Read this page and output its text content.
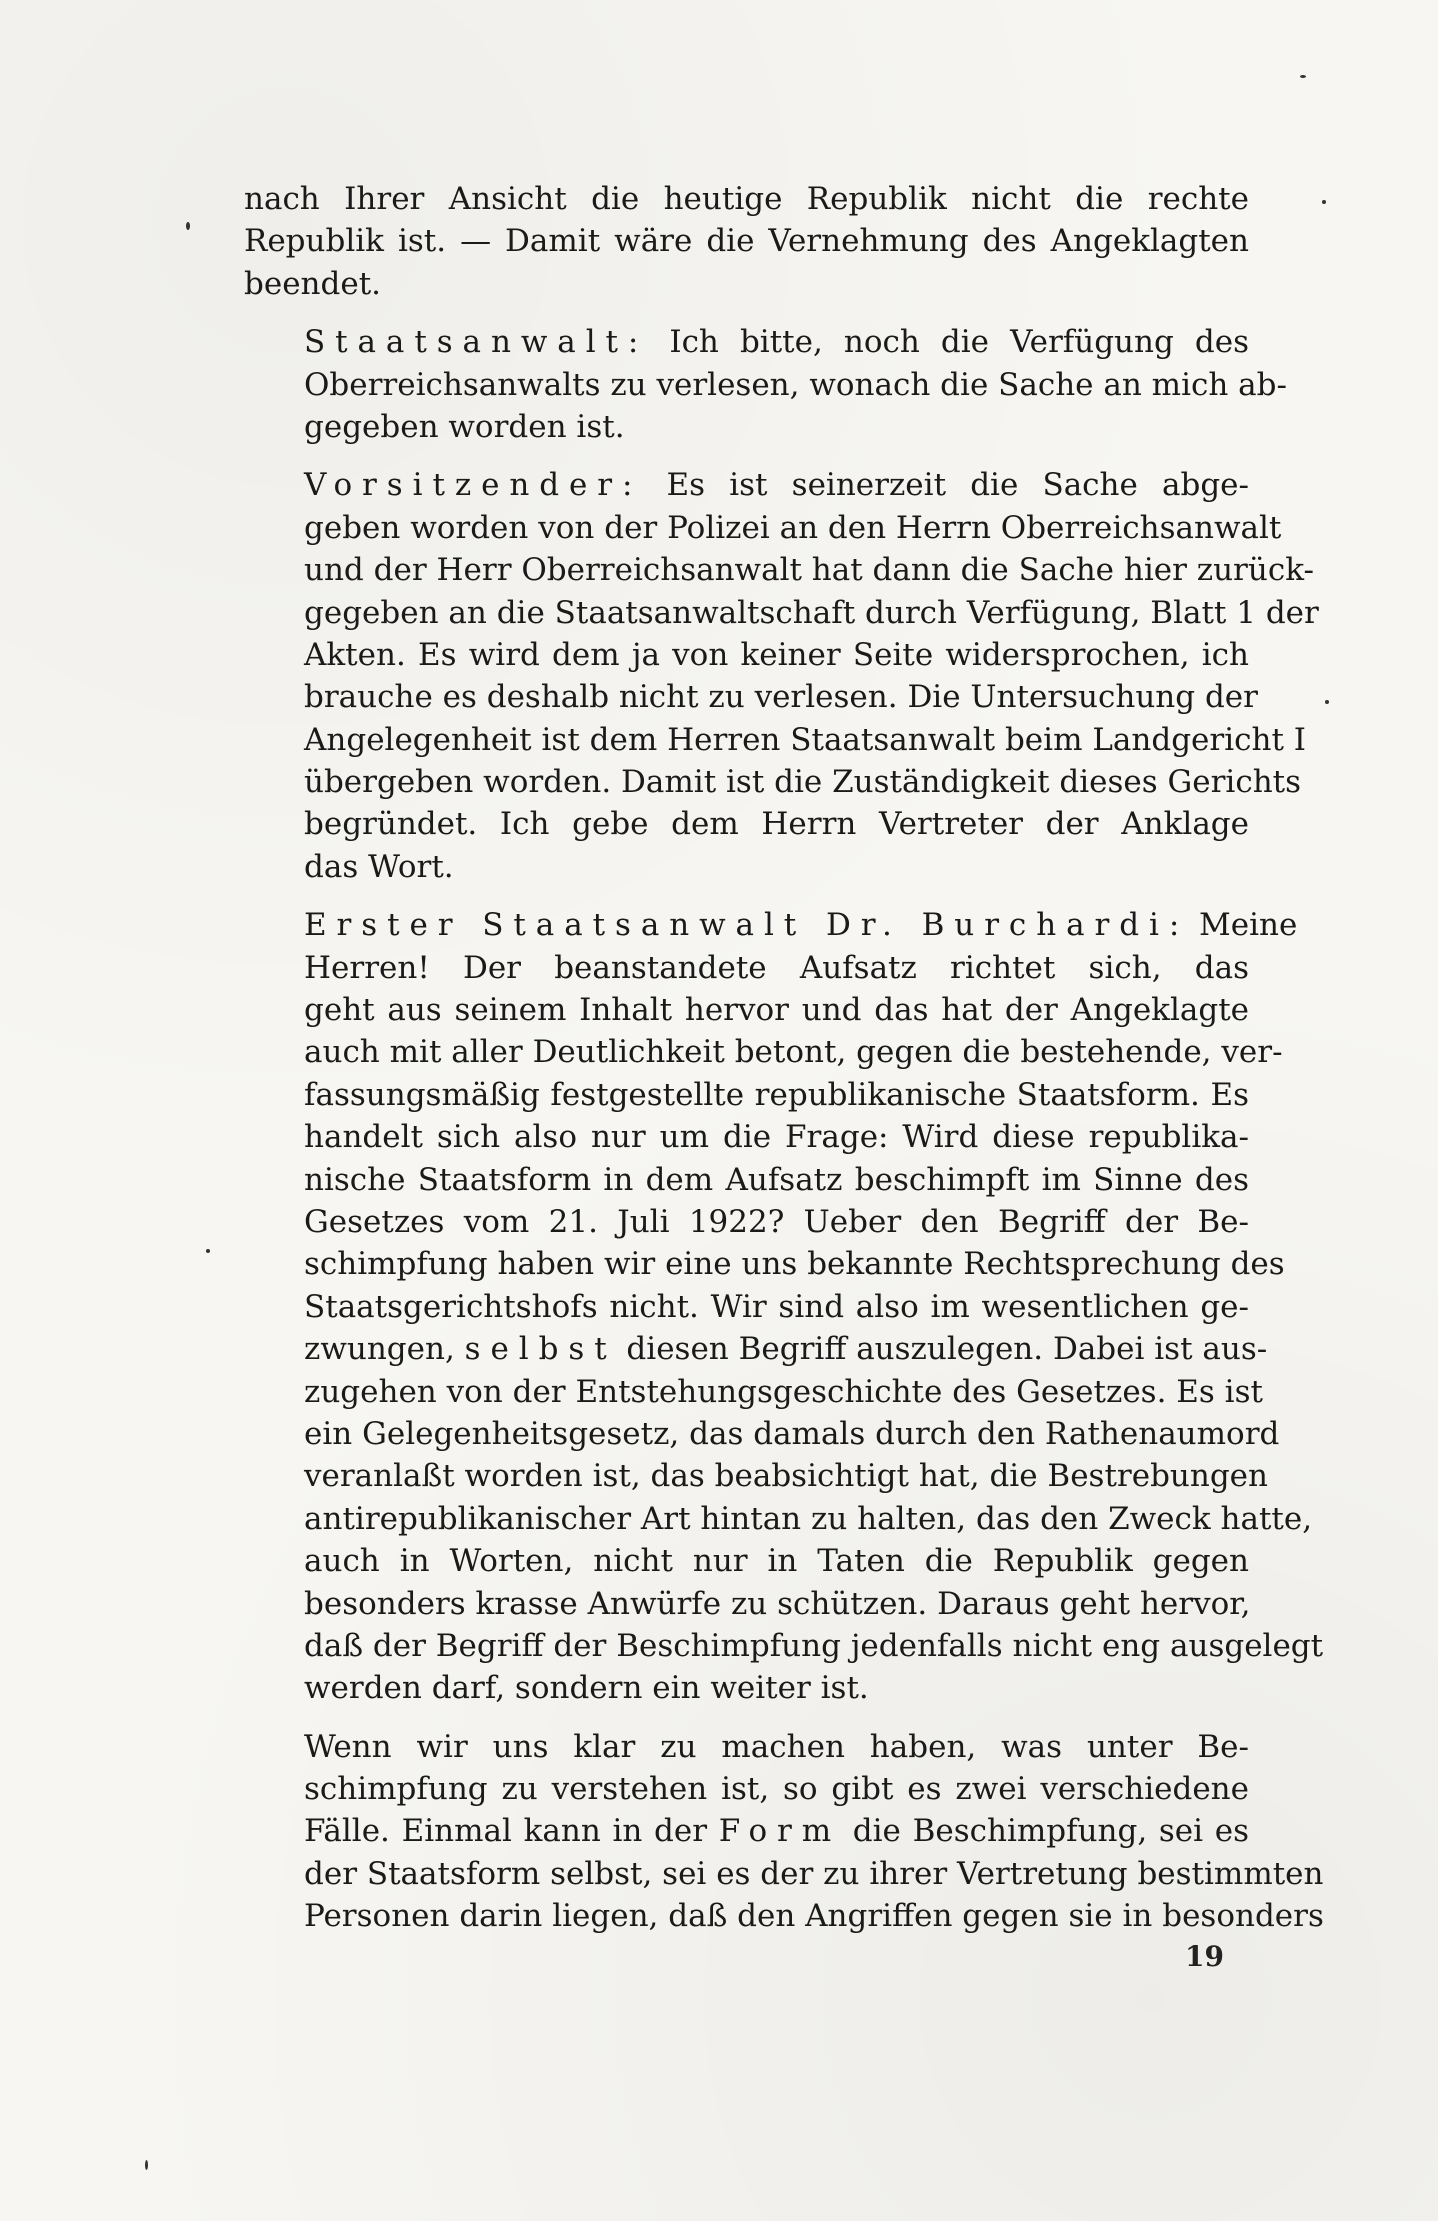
nach Ihrer Ansicht die heutige Republik nicht die rechte
Republik ist. — Damit wäre die Vernehmung des Angeklagten
beendet.

Staatsanwalt: Ich bitte, noch die Verfügung des
Oberreichsanwalts zu verlesen, wonach die Sache an mich ab-
gegeben worden ist.

Vorsitzender: Es ist seinerzeit die Sache abge-
geben worden von der Polizei an den Herrn Oberreichsanwalt
und der Herr Oberreichsanwalt hat dann die Sache hier zurück-
gegeben an die Staatsanwaltschaft durch Verfügung, Blatt 1 der
Akten. Es wird dem ja von keiner Seite widersprochen, ich
brauche es deshalb nicht zu verlesen. Die Untersuchung der
Angelegenheit ist dem Herren Staatsanwalt beim Landgericht I
übergeben worden. Damit ist die Zuständigkeit dieses Gerichts
begründet. Ich gebe dem Herrn Vertreter der Anklage
das Wort.

Erster Staatsanwalt Dr. Burchardi: Meine
Herren! Der beanstandete Aufsatz richtet sich, das
geht aus seinem Inhalt hervor und das hat der Angeklagte
auch mit aller Deutlichkeit betont, gegen die bestehende, ver-
fassungsmäßig festgestellte republikanische Staatsform. Es
handelt sich also nur um die Frage: Wird diese republika-
nische Staatsform in dem Aufsatz beschimpft im Sinne des
Gesetzes vom 21. Juli 1922? Ueber den Begriff der Be-
schimpfung haben wir eine uns bekannte Rechtsprechung des
Staatsgerichtshofs nicht. Wir sind also im wesentlichen ge-
zwungen, selbst diesen Begriff auszulegen. Dabei ist aus-
zugehen von der Entstehungsgeschichte des Gesetzes. Es ist
ein Gelegenheitsgesetz, das damals durch den Rathenaumord
veranlaßt worden ist, das beabsichtigt hat, die Bestrebungen
antirepublikanischer Art hintan zu halten, das den Zweck hatte,
auch in Worten, nicht nur in Taten die Republik gegen
besonders krasse Anwürfe zu schützen. Daraus geht hervor,
daß der Begriff der Beschimpfung jedenfalls nicht eng ausgelegt
werden darf, sondern ein weiter ist.

Wenn wir uns klar zu machen haben, was unter Be-
schimpfung zu verstehen ist, so gibt es zwei verschiedene
Fälle. Einmal kann in der Form die Beschimpfung, sei es
der Staatsform selbst, sei es der zu ihrer Vertretung bestimmten
Personen darin liegen, daß den Angriffen gegen sie in besonders

19
